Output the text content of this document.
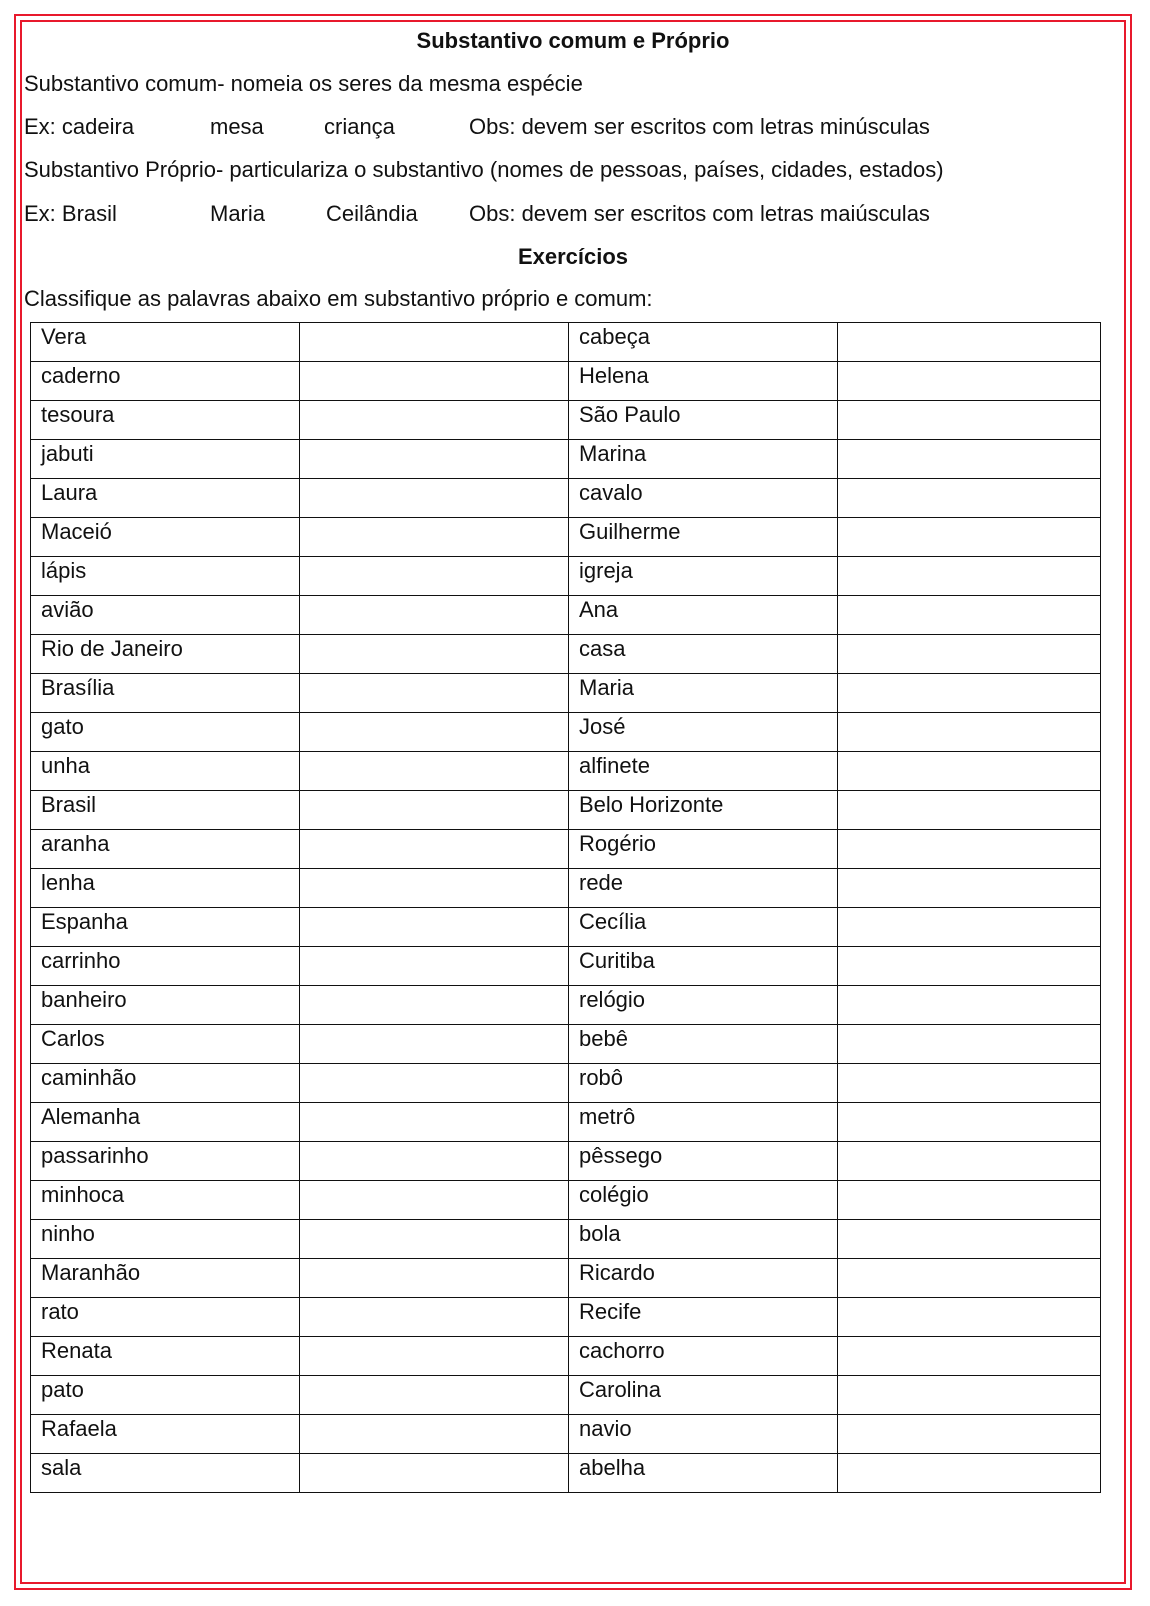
Substantivo comum e Próprio
Substantivo comum- nomeia os seres da mesma espécie
Ex: cadeira	mesa	criança	Obs: devem ser escritos com letras minúsculas
Substantivo Próprio- particulariza o substantivo (nomes de pessoas, países, cidades, estados)
Ex: Brasil	Maria	Ceilândia Obs: devem ser escritos com letras maiúsculas
Exercícios
Classifique as palavras abaixo em substantivo próprio e comum:
Vera		cabeça	
caderno		Helena	
tesoura		São Paulo	
jabuti		Marina	
Laura		cavalo	
Maceió		Guilherme	
lápis		igreja	
avião		Ana	
Rio de Janeiro		casa	
Brasília		Maria	
gato		José	
unha		alfinete	
Brasil		Belo Horizonte	
aranha		Rogério	
lenha		rede	
Espanha		Cecília	
carrinho		Curitiba	
banheiro		relógio	
Carlos		bebê	
caminhão		robô	
Alemanha		metrô	
passarinho		pêssego	
minhoca		colégio	
ninho		bola	
Maranhão		Ricardo	
rato		Recife	
Renata		cachorro	
pato		Carolina	
Rafaela		navio	
sala		abelha	
